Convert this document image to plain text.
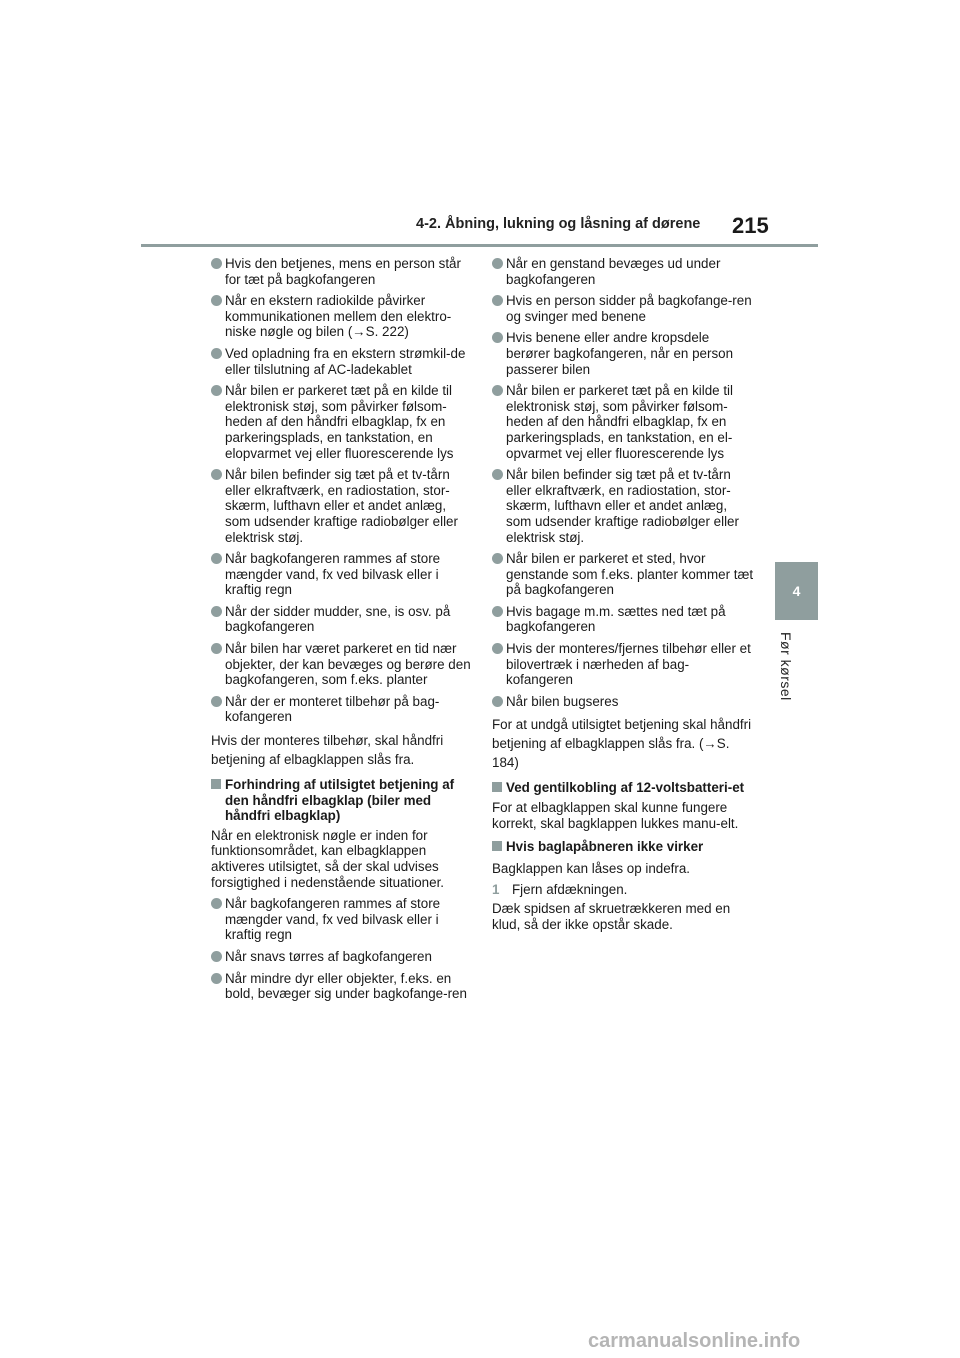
4-2. Åbning, lukning og låsning af dørene 215
4
Før kørsel
Hvis den betjenes, mens en person står for tæt på bagkofangeren
Når en ekstern radiokilde påvirker kommunikationen mellem den elektro-niske nøgle og bilen (→S. 222)
Ved opladning fra en ekstern strømkil-de eller tilslutning af AC-ladekablet
Når bilen er parkeret tæt på en kilde til elektronisk støj, som påvirker følsom-heden af den håndfri elbagklap, fx en parkeringsplads, en tankstation, en elopvarmet vej eller fluorescerende lys
Når bilen befinder sig tæt på et tv-tårn eller elkraftværk, en radiostation, stor-skærm, lufthavn eller et andet anlæg, som udsender kraftige radiobølger eller elektrisk støj.
Når bagkofangeren rammes af store mængder vand, fx ved bilvask eller i kraftig regn
Når der sidder mudder, sne, is osv. på bagkofangeren
Når bilen har været parkeret en tid nær objekter, der kan bevæges og berøre den bagkofangeren, som f.eks. planter
Når der er monteret tilbehør på bag-kofangeren
Hvis der monteres tilbehør, skal håndfri betjening af elbagklappen slås fra.
Forhindring af utilsigtet betjening af den håndfri elbagklap (biler med håndfri elbagklap)
Når en elektronisk nøgle er inden for funktionsområdet, kan elbagklappen aktiveres utilsigtet, så der skal udvises forsigtighed i nedenstående situationer.
Når bagkofangeren rammes af store mængder vand, fx ved bilvask eller i kraftig regn
Når snavs tørres af bagkofangeren
Når mindre dyr eller objekter, f.eks. en bold, bevæger sig under bagkofange-ren
Når en genstand bevæges ud under bagkofangeren
Hvis en person sidder på bagkofange-ren og svinger med benene
Hvis benene eller andre kropsdele berører bagkofangeren, når en person passerer bilen
Når bilen er parkeret tæt på en kilde til elektronisk støj, som påvirker følsom-heden af den håndfri elbagklap, fx en parkeringsplads, en tankstation, en el-opvarmet vej eller fluorescerende lys
Når bilen befinder sig tæt på et tv-tårn eller elkraftværk, en radiostation, stor-skærm, lufthavn eller et andet anlæg, som udsender kraftige radiobølger eller elektrisk støj.
Når bilen er parkeret et sted, hvor genstande som f.eks. planter kommer tæt på bagkofangeren
Hvis bagage m.m. sættes ned tæt på bagkofangeren
Hvis der monteres/fjernes tilbehør eller et bilovertræk i nærheden af bag-kofangeren
Når bilen bugseres
For at undgå utilsigtet betjening skal håndfri betjening af elbagklappen slås fra. (→S. 184)
Ved gentilkobling af 12-voltsbatteri-et
For at elbagklappen skal kunne fungere korrekt, skal bagklappen lukkes manu-elt.
Hvis baglapåbneren ikke virker
Bagklappen kan låses op indefra.
1 Fjern afdækningen.
Dæk spidsen af skruetrækkeren med en klud, så der ikke opstår skade.
carmanualsonline.info
